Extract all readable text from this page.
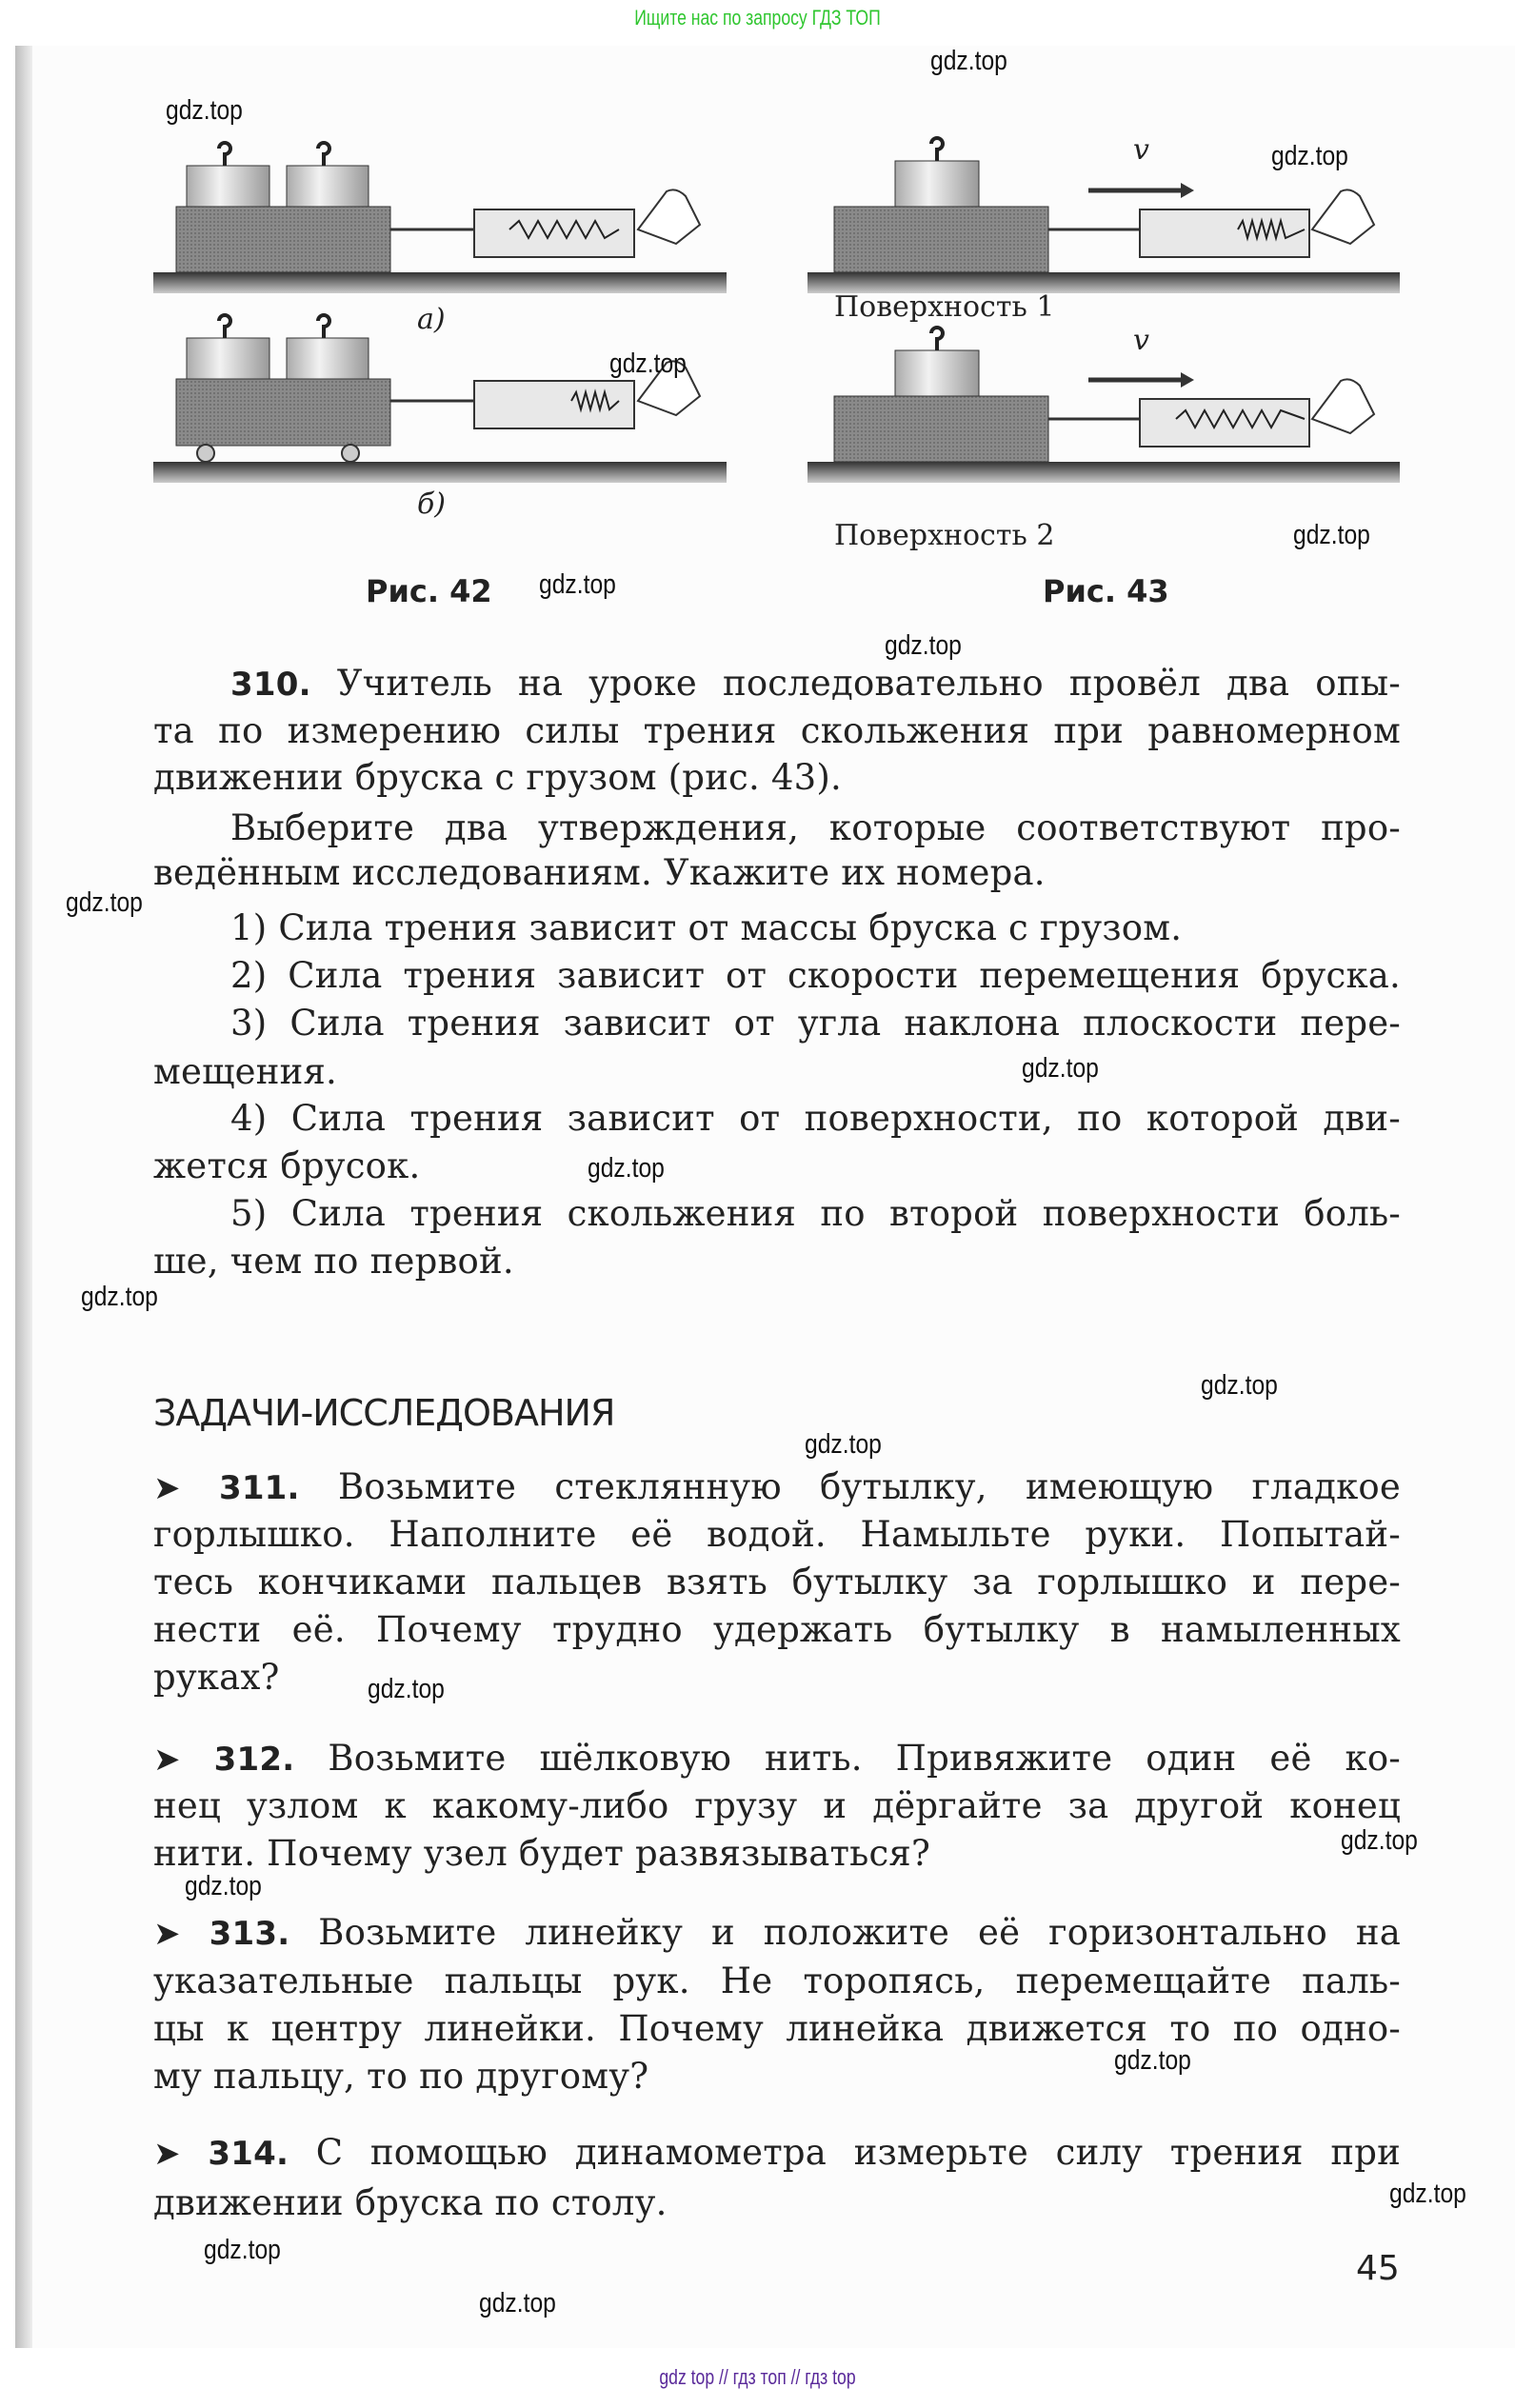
Ищите нас по запросу ГДЗ ТОП
v
v
а)
б)
Поверхность 1
Поверхность 2
Рис. 42	Рис. 43
310. Учитель на уроке последовательно провёл два опы-
та по измерению силы трения скольжения при равномерном
движении бруска с грузом (рис. 43).
Выберите два утверждения, которые соответствуют про-
ведённым исследованиям. Укажите их номера.
1) Сила трения зависит от массы бруска с грузом.
2) Сила трения зависит от скорости перемещения бруска.
3) Сила трения зависит от угла наклона плоскости пере-
мещения.
4) Сила трения зависит от поверхности, по которой дви-
жется брусок.
5) Сила трения скольжения по второй поверхности боль-
ше, чем по первой.
ЗАДАЧИ-ИССЛЕДОВАНИЯ
➤ 311. Возьмите стеклянную бутылку, имеющую гладкое
горлышко. Наполните её водой. Намыльте руки. Попытай-
тесь кончиками пальцев взять бутылку за горлышко и пере-
нести её. Почему трудно удержать бутылку в намыленных
руках?
➤ 312. Возьмите шёлковую нить. Привяжите один её ко-
нец узлом к какому-либо грузу и дёргайте за другой конец
нити. Почему узел будет развязываться?
➤ 313. Возьмите линейку и положите её горизонтально на
указательные пальцы рук. Не торопясь, перемещайте паль-
цы к центру линейки. Почему линейка движется то по одно-
му пальцу, то по другому?
➤ 314. С помощью динамометра измерьте силу трения при
движении бруска по столу.
45
gdz.top
gdz.top
gdz.top
gdz.top
gdz.top
gdz.top
gdz.top
gdz.top
gdz.top
gdz.top
gdz.top
gdz.top
gdz.top
gdz.top
gdz.top
gdz.top
gdz.top
gdz.top
gdz.top
gdz.top
gdz top // гдз топ // гдз top
